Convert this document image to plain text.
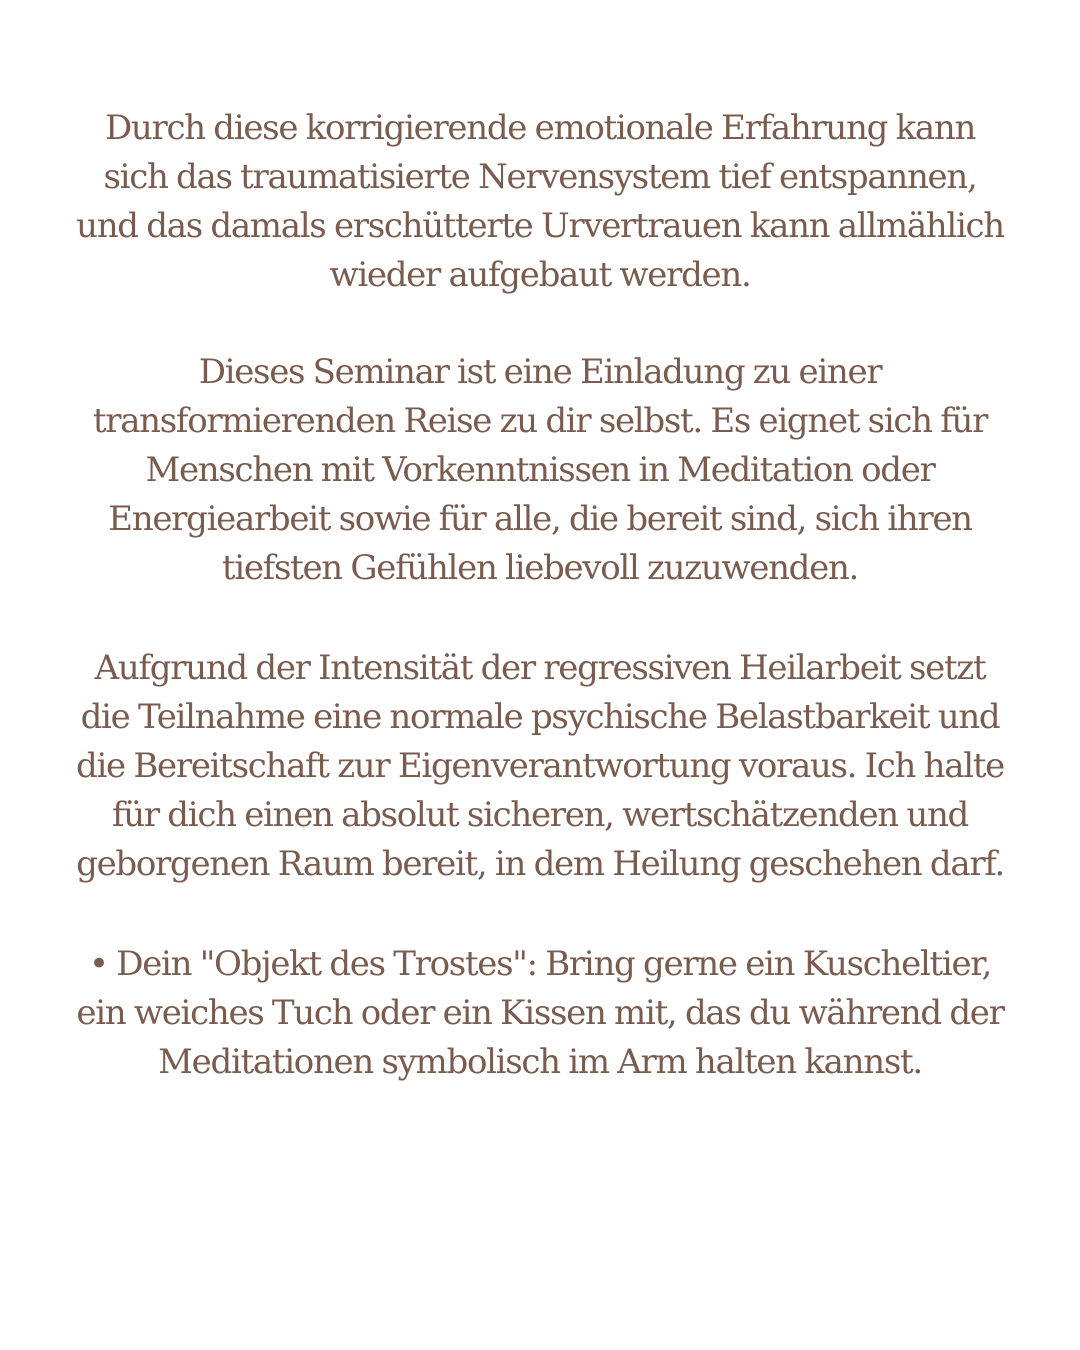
Durch diese korrigierende emotionale Erfahrung kann
sich das traumatisierte Nervensystem tief entspannen,
und das damals erschütterte Urvertrauen kann allmählich
wieder aufgebaut werden.
Dieses Seminar ist eine Einladung zu einer
transformierenden Reise zu dir selbst. Es eignet sich für
Menschen mit Vorkenntnissen in Meditation oder
Energiearbeit sowie für alle, die bereit sind, sich ihren
tiefsten Gefühlen liebevoll zuzuwenden.
Aufgrund der Intensität der regressiven Heilarbeit setzt
die Teilnahme eine normale psychische Belastbarkeit und
die Bereitschaft zur Eigenverantwortung voraus. Ich halte
für dich einen absolut sicheren, wertschätzenden und
geborgenen Raum bereit, in dem Heilung geschehen darf.
• Dein "Objekt des Trostes": Bring gerne ein Kuscheltier,
ein weiches Tuch oder ein Kissen mit, das du während der
Meditationen symbolisch im Arm halten kannst.
